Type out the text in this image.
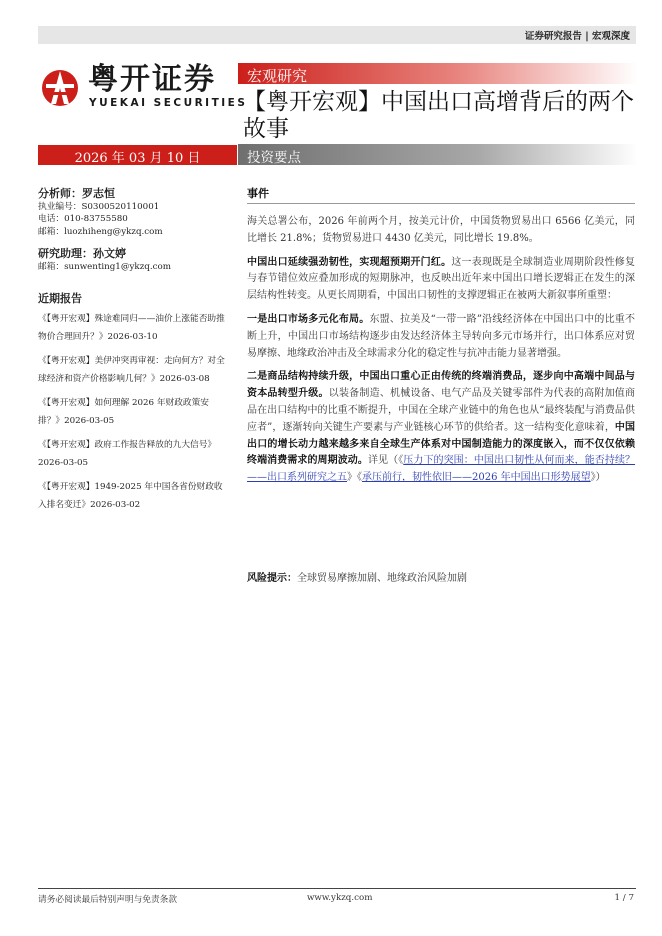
证券研究报告 | 宏观深度
粤开证券
YUEKAI SECURITIES
宏观研究
【粤开宏观】中国出口高增背后的两个故事
2026 年 03 月 10 日	投资要点
分析师：罗志恒
执业编号：S0300520110001
电话：010-83755580
邮箱：luozhiheng@ykzq.com
研究助理：孙文婷
邮箱：sunwenting1@ykzq.com
近期报告
《【粤开宏观】殊途难同归——油价上涨能否助推物价合理回升？》2026-03-10
《【粤开宏观】美伊冲突再审视：走向何方？对全球经济和资产价格影响几何？》2026-03-08
《【粤开宏观】如何理解 2026 年财政政策安排？》2026-03-05
《【粤开宏观】政府工作报告释放的九大信号》2026-03-05
《【粤开宏观】1949-2025 年中国各省份财政收入排名变迁》2026-03-02
事件

海关总署公布，2026 年前两个月，按美元计价，中国货物贸易出口 6566 亿美元，同比增长 21.8%；货物贸易进口 4430 亿美元，同比增长 19.8%。

中国出口延续强劲韧性，实现超预期开门红。这一表现既是全球制造业周期阶段性修复与春节错位效应叠加形成的短期脉冲，也反映出近年来中国出口增长逻辑正在发生的深层结构性转变。从更长周期看，中国出口韧性的支撑逻辑正在被两大新叙事所重塑：

一是出口市场多元化布局。东盟、拉美及“一带一路”沿线经济体在中国出口中的比重不断上升，中国出口市场结构逐步由发达经济体主导转向多元市场并行，出口体系应对贸易摩擦、地缘政治冲击及全球需求分化的稳定性与抗冲击能力显著增强。

二是商品结构持续升级，中国出口重心正由传统的终端消费品，逐步向中高端中间品与资本品转型升级。以装备制造、机械设备、电气产品及关键零部件为代表的高附加值商品在出口结构中的比重不断提升，中国在全球产业链中的角色也从“最终装配与消费品供应者”，逐渐转向关键生产要素与产业链核心环节的供给者。这一结构变化意味着，中国出口的增长动力越来越多来自全球生产体系对中国制造能力的深度嵌入，而不仅仅依赖终端消费需求的周期波动。详见（《压力下的突围：中国出口韧性从何而来，能否持续？——出口系列研究之五》《承压前行，韧性依旧——2026 年中国出口形势展望》）

风险提示：全球贸易摩擦加剧、地缘政治风险加剧
请务必阅读最后特别声明与免责条款	www.ykzq.com	1 / 7
